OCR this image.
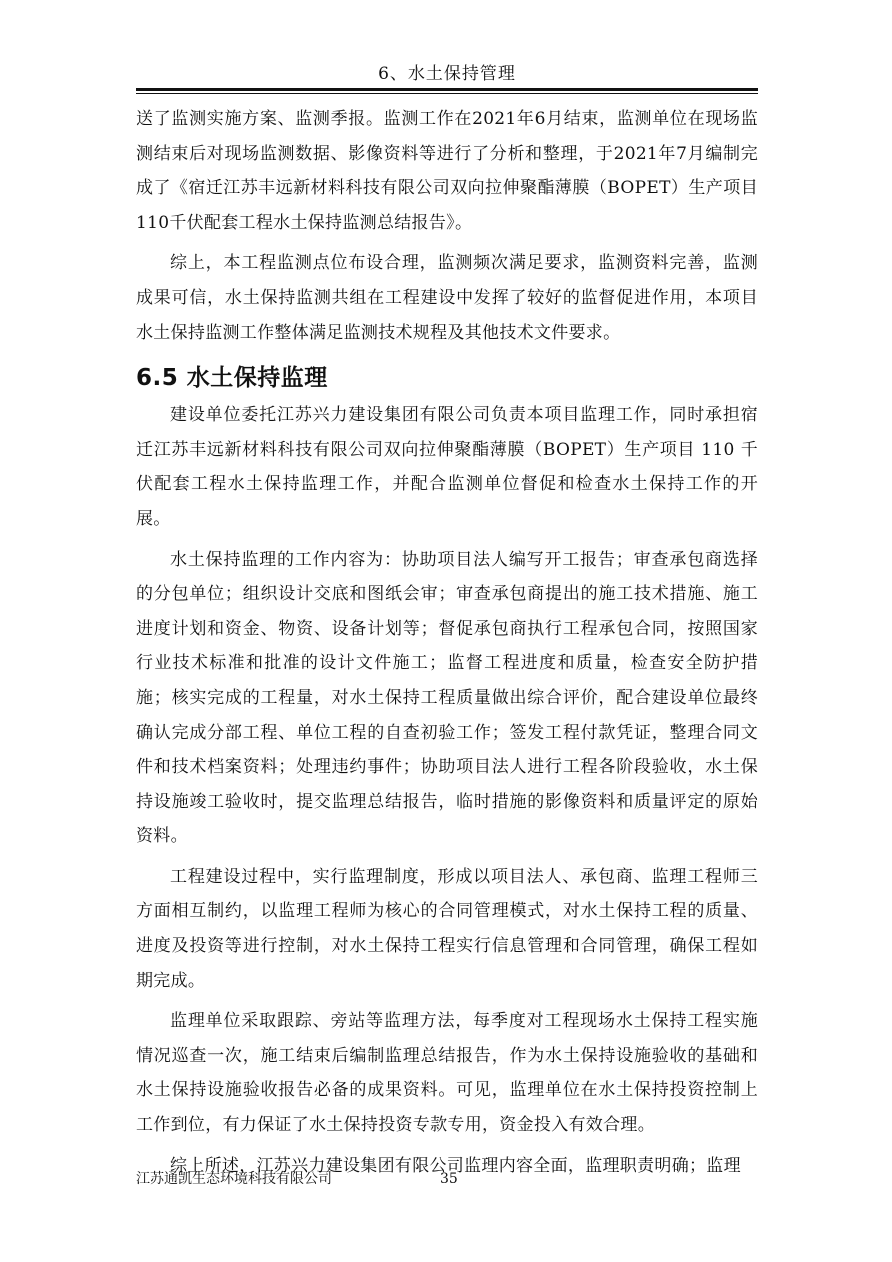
6、水土保持管理

送了监测实施方案、监测季报。监测工作在2021年6月结束，监测单位在现场监测结束后对现场监测数据、影像资料等进行了分析和整理，于2021年7月编制完成了《宿迁江苏丰远新材料科技有限公司双向拉伸聚酯薄膜（BOPET）生产项目110千伏配套工程水土保持监测总结报告》。

综上，本工程监测点位布设合理，监测频次满足要求，监测资料完善，监测成果可信，水土保持监测共组在工程建设中发挥了较好的监督促进作用，本项目水土保持监测工作整体满足监测技术规程及其他技术文件要求。

6.5 水土保持监理

建设单位委托江苏兴力建设集团有限公司负责本项目监理工作，同时承担宿迁江苏丰远新材料科技有限公司双向拉伸聚酯薄膜（BOPET）生产项目 110 千伏配套工程水土保持监理工作，并配合监测单位督促和检查水土保持工作的开展。

水土保持监理的工作内容为：协助项目法人编写开工报告；审查承包商选择的分包单位；组织设计交底和图纸会审；审查承包商提出的施工技术措施、施工进度计划和资金、物资、设备计划等；督促承包商执行工程承包合同，按照国家行业技术标准和批准的设计文件施工；监督工程进度和质量，检查安全防护措施；核实完成的工程量，对水土保持工程质量做出综合评价，配合建设单位最终确认完成分部工程、单位工程的自查初验工作；签发工程付款凭证，整理合同文件和技术档案资料；处理违约事件；协助项目法人进行工程各阶段验收，水土保持设施竣工验收时，提交监理总结报告，临时措施的影像资料和质量评定的原始资料。

工程建设过程中，实行监理制度，形成以项目法人、承包商、监理工程师三方面相互制约，以监理工程师为核心的合同管理模式，对水土保持工程的质量、进度及投资等进行控制，对水土保持工程实行信息管理和合同管理，确保工程如期完成。

监理单位采取跟踪、旁站等监理方法，每季度对工程现场水土保持工程实施情况巡查一次，施工结束后编制监理总结报告，作为水土保持设施验收的基础和水土保持设施验收报告必备的成果资料。可见，监理单位在水土保持投资控制上工作到位，有力保证了水土保持投资专款专用，资金投入有效合理。

综上所述，江苏兴力建设集团有限公司监理内容全面，监理职责明确；监理

江苏通凯生态环境科技有限公司	35
